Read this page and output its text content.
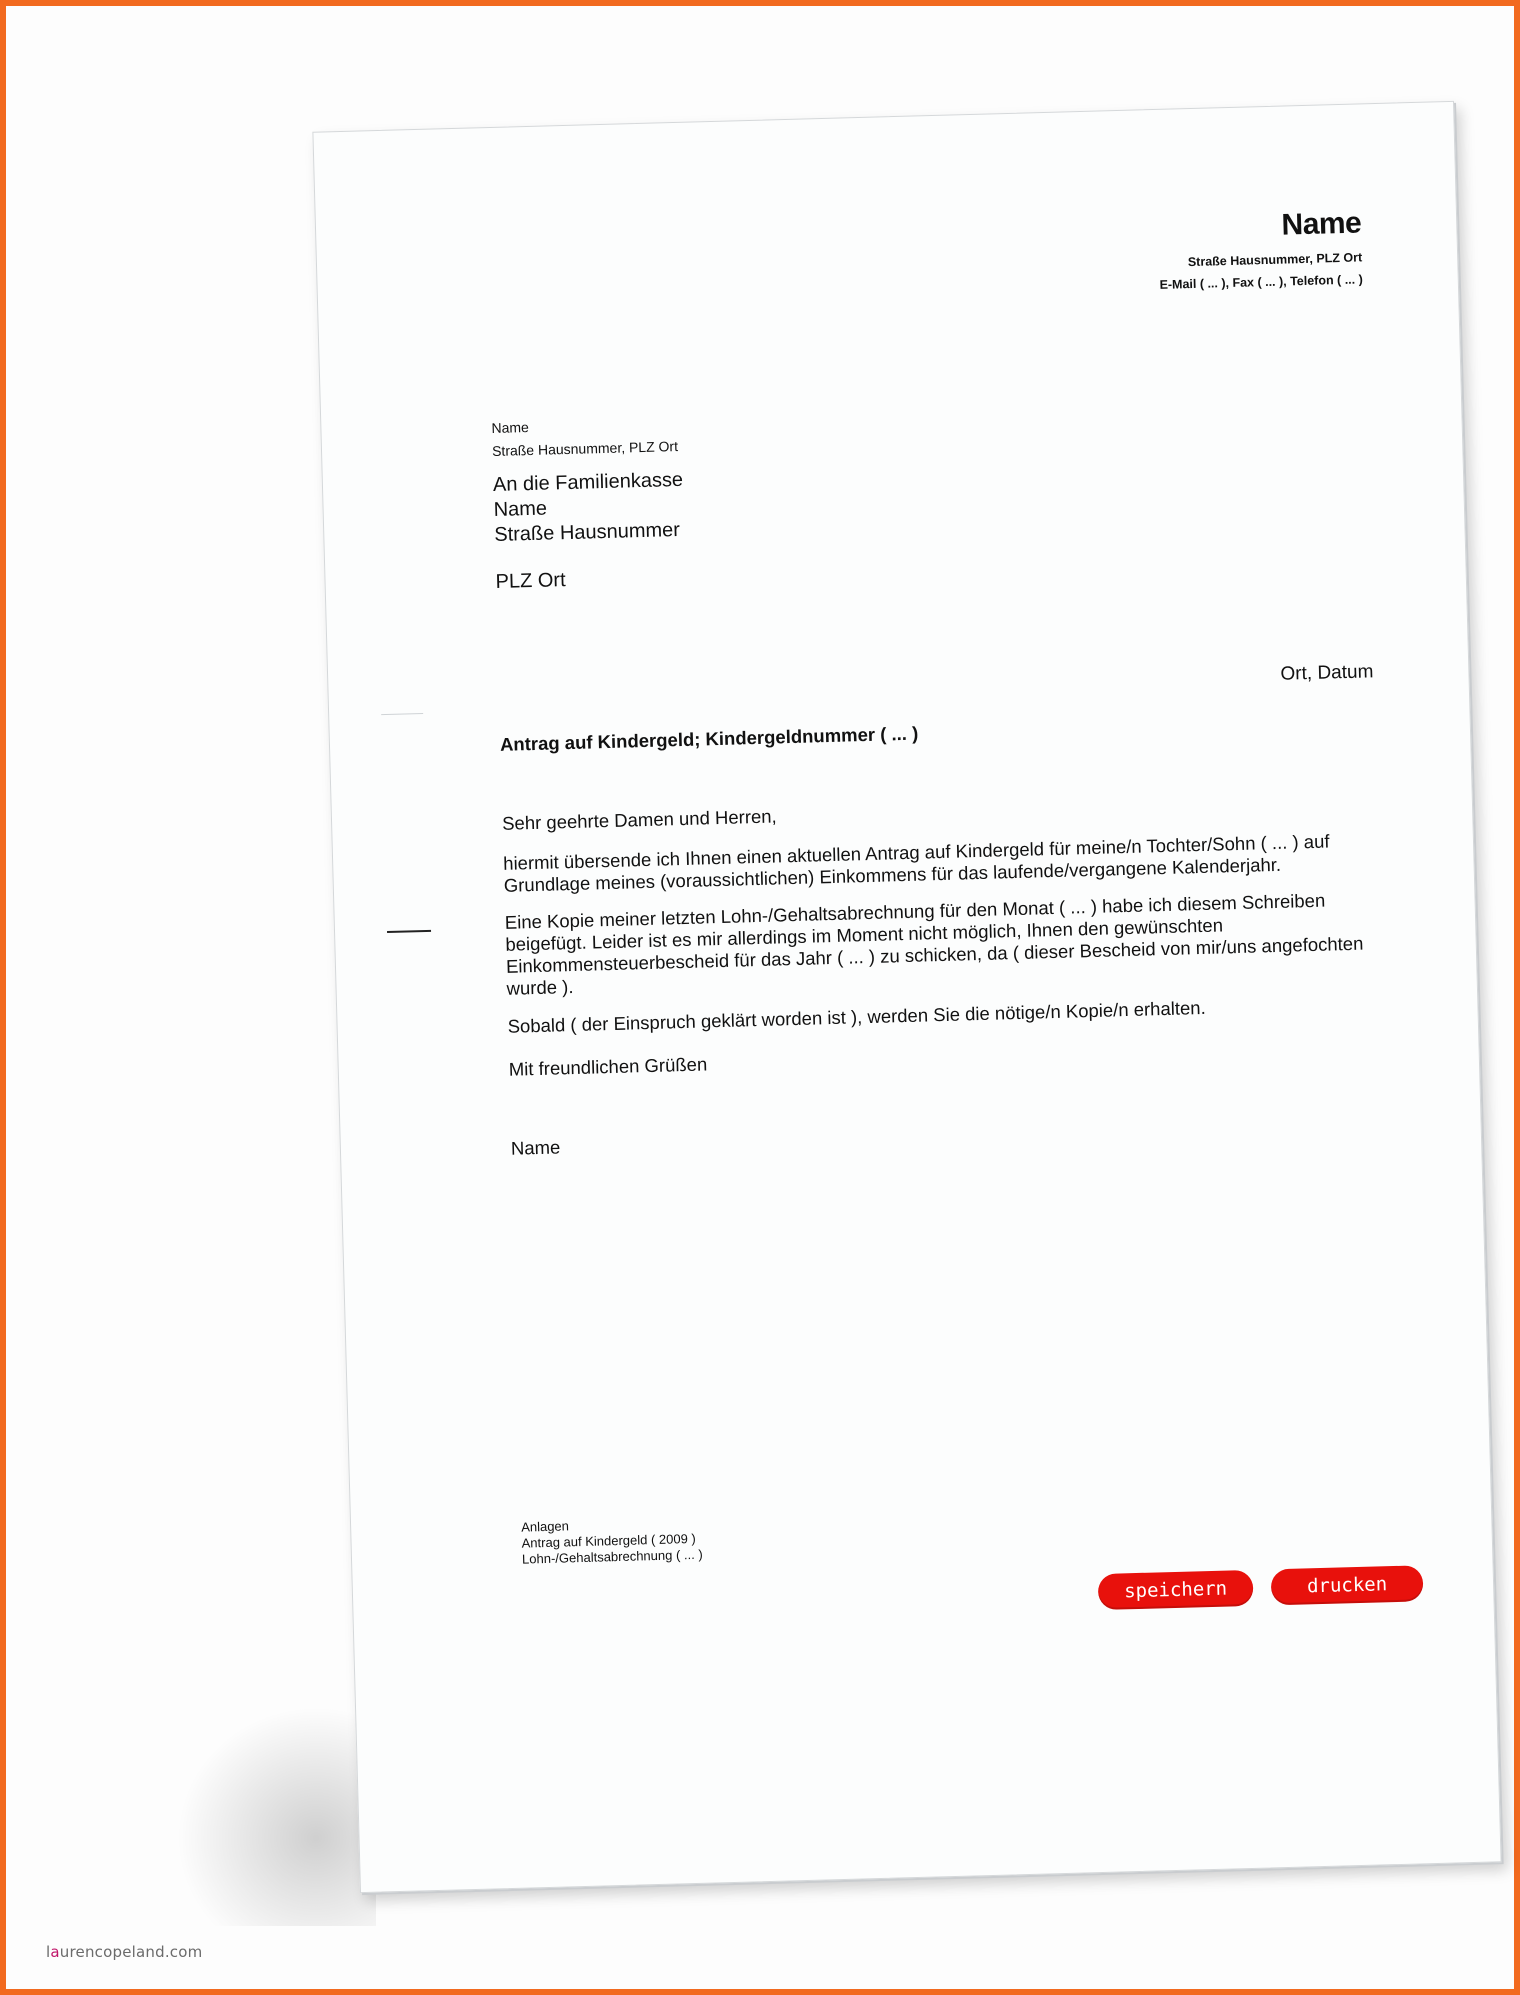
Name
Straße Hausnummer, PLZ Ort
E-Mail ( ... ), Fax ( ... ), Telefon ( ... )
Name
Straße Hausnummer, PLZ Ort
An die Familienkasse
Name
Straße Hausnummer
PLZ Ort
Ort, Datum
Antrag auf Kindergeld; Kindergeldnummer ( ... )
Sehr geehrte Damen und Herren,
hiermit übersende ich Ihnen einen aktuellen Antrag auf Kindergeld für meine/n Tochter/Sohn ( ... ) auf Grundlage meines (voraussichtlichen) Einkommens für das laufende/vergangene Kalenderjahr.
Eine Kopie meiner letzten Lohn-/Gehaltsabrechnung für den Monat ( ... ) habe ich diesem Schreiben beigefügt. Leider ist es mir allerdings im Moment nicht möglich, Ihnen den gewünschten Einkommensteuerbescheid für das Jahr ( ... ) zu schicken, da ( dieser Bescheid von mir/uns angefochten wurde ).
Sobald ( der Einspruch geklärt worden ist ), werden Sie die nötige/n Kopie/n erhalten.
Mit freundlichen Grüßen
Name
Anlagen
Antrag auf Kindergeld ( 2009 )
Lohn-/Gehaltsabrechnung ( ... )
speichern	drucken
laurencopeland.com
